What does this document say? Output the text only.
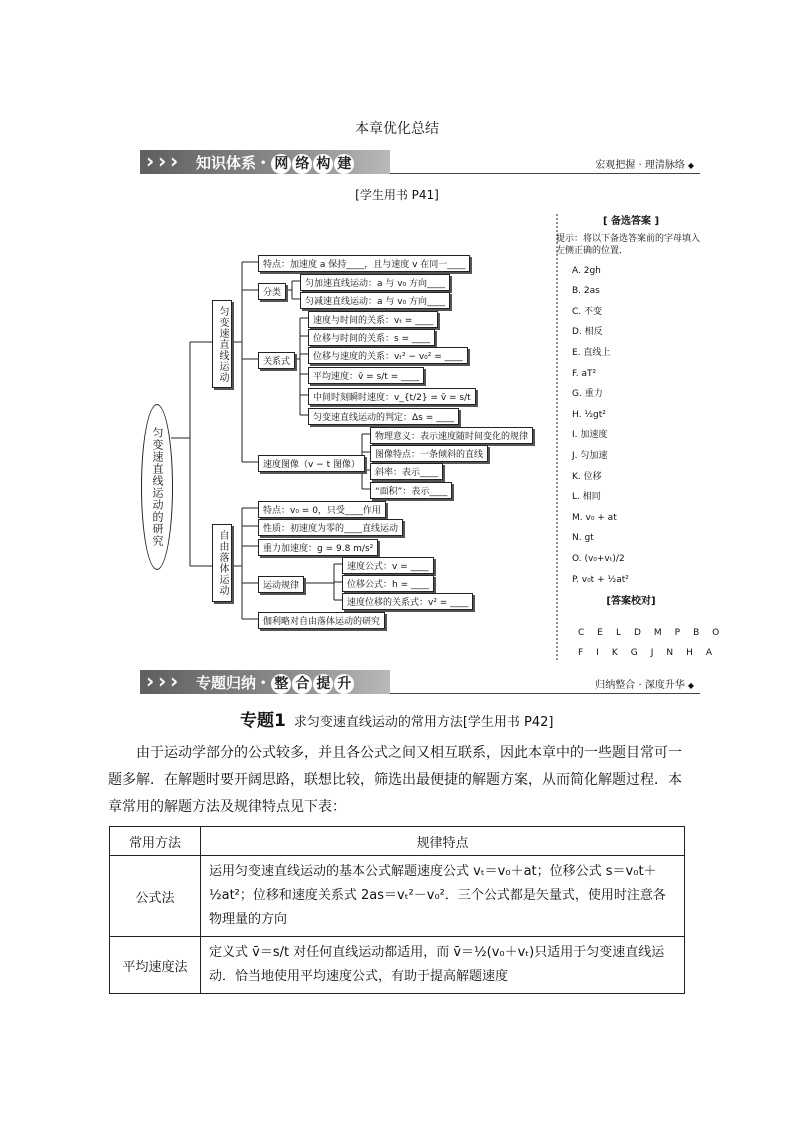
本章优化总结
› › ›	知识体系 • 网 络 构 建	宏观把握 · 理清脉络 ◆
[学生用书 P41]
匀变速直线运动的研究
匀变速直线运动
自由落体运动
特点：加速度 a 保持____，且与速度 v 在同一____
分类
匀加速直线运动：a 与 v₀ 方向____
匀减速直线运动：a 与 v₀ 方向____
关系式
速度与时间的关系：vₜ = ____
位移与时间的关系：s = ____
位移与速度的关系：vₜ² − v₀² = ____
平均速度：v̄ = s/t = ____
中间时刻瞬时速度：v_{t/2} = v̄ = s/t
匀变速直线运动的判定：Δs = ____
速度图像（v − t 图像）
物理意义：表示速度随时间变化的规律
图像特点：一条倾斜的直线
斜率：表示____
“面积”：表示____
特点：v₀ = 0，只受____作用
性质：初速度为零的____直线运动
重力加速度：g = 9.8 m/s²
运动规律
速度公式：v = ____
位移公式：h = ____
速度位移的关系式：v² = ____
伽利略对自由落体运动的研究
[ 备选答案 ]
提示：将以下备选答案前的字母填入左侧正确的位置．
A. 2gh
B. 2as
C. 不变
D. 相反
E. 直线上
F. aT²
G. 重力
H. ½gt²
I. 加速度
J. 匀加速
K. 位移
L. 相同
M. v₀ + at
N. gt
O. (v₀+vₜ)/2
P. v₀t + ½at²
[答案校对]
CELDMPBO
FIKGJNHA
› › ›	专题归纳 • 整 合 提 升	归纳整合 · 深度升华 ◆
专题1 求匀变速直线运动的常用方法[学生用书 P42]
由于运动学部分的公式较多，并且各公式之间又相互联系，因此本章中的一些题目常可一题多解．在解题时要开阔思路，联想比较，筛选出最便捷的解题方案，从而简化解题过程．本章常用的解题方法及规律特点见下表：
常用方法	规律特点
公式法	运用匀变速直线运动的基本公式解题速度公式 vₜ＝v₀＋at；位移公式 s＝v₀t＋½at²；位移和速度关系式 2as＝vₜ²－v₀²．三个公式都是矢量式，使用时注意各物理量的方向
平均速度法	定义式 v̄＝s/t 对任何直线运动都适用，而 v̄＝½(v₀＋vₜ)只适用于匀变速直线运动．恰当地使用平均速度公式，有助于提高解题速度
